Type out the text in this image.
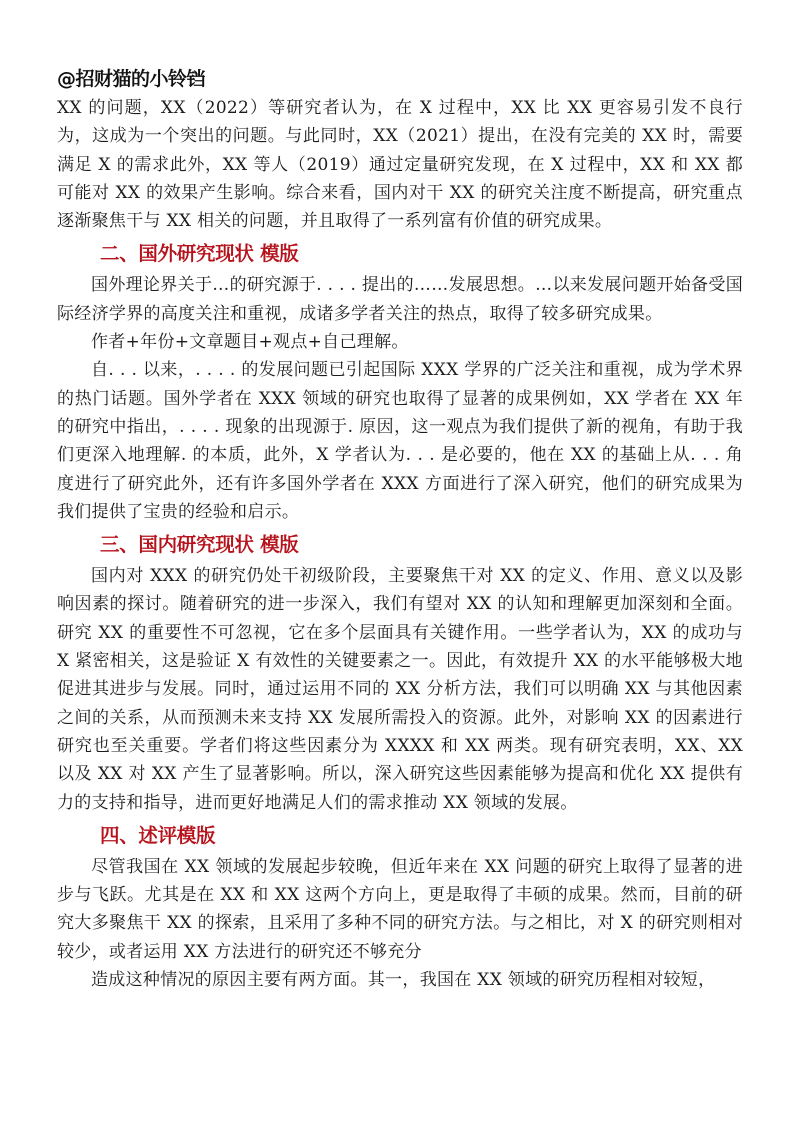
@招财猫的小铃铛

XX 的问题，XX（2022）等研究者认为，在 X 过程中，XX 比 XX 更容易引发不良行为，这成为一个突出的问题。与此同时，XX（2021）提出，在没有完美的 XX 时，需要满足 X 的需求此外，XX 等人（2019）通过定量研究发现，在 X 过程中，XX 和 XX 都可能对 XX 的效果产生影响。综合来看，国内对干 XX 的研究关注度不断提高，研究重点逐渐聚焦干与 XX 相关的问题，并且取得了一系列富有价值的研究成果。

二、国外研究现状 模版

国外理论界关于…的研究源于. . . . 提出的……发展思想。…以来发展问题开始备受国际经济学界的高度关注和重视，成诸多学者关注的热点，取得了较多研究成果。

作者+年份+文章题目+观点+自己理解。

自. . . 以来，. . . . 的发展问题已引起国际 XXX 学界的广泛关注和重视，成为学术界的热门话题。国外学者在 XXX 领域的研究也取得了显著的成果例如，XX 学者在 XX 年的研究中指出，. . . . 现象的出现源于. 原因，这一观点为我们提供了新的视角，有助于我们更深入地理解. 的本质，此外，X 学者认为. . . 是必要的，他在 XX 的基础上从. . . 角度进行了研究此外，还有许多国外学者在 XXX 方面进行了深入研究，他们的研究成果为我们提供了宝贵的经验和启示。

三、国内研究现状 模版

国内对 XXX 的研究仍处干初级阶段，主要聚焦干对 XX 的定义、作用、意义以及影响因素的探讨。随着研究的进一步深入，我们有望对 XX 的认知和理解更加深刻和全面。研究 XX 的重要性不可忽视，它在多个层面具有关键作用。一些学者认为，XX 的成功与 X 紧密相关，这是验证 X 有效性的关键要素之一。因此，有效提升 XX 的水平能够极大地促进其进步与发展。同时，通过运用不同的 XX 分析方法，我们可以明确 XX 与其他因素之间的关系，从而预测未来支持 XX 发展所需投入的资源。此外，对影响 XX 的因素进行研究也至关重要。学者们将这些因素分为 XXXX 和 XX 两类。现有研究表明，XX、XX 以及 XX 对 XX 产生了显著影响。所以，深入研究这些因素能够为提高和优化 XX 提供有力的支持和指导，进而更好地满足人们的需求推动 XX 领域的发展。

四、述评模版

尽管我国在 XX 领域的发展起步较晚，但近年来在 XX 问题的研究上取得了显著的进步与飞跃。尤其是在 XX 和 XX 这两个方向上，更是取得了丰硕的成果。然而，目前的研究大多聚焦干 XX 的探索，且采用了多种不同的研究方法。与之相比，对 X 的研究则相对较少，或者运用 XX 方法进行的研究还不够充分

造成这种情况的原因主要有两方面。其一，我国在 XX 领域的研究历程相对较短，
